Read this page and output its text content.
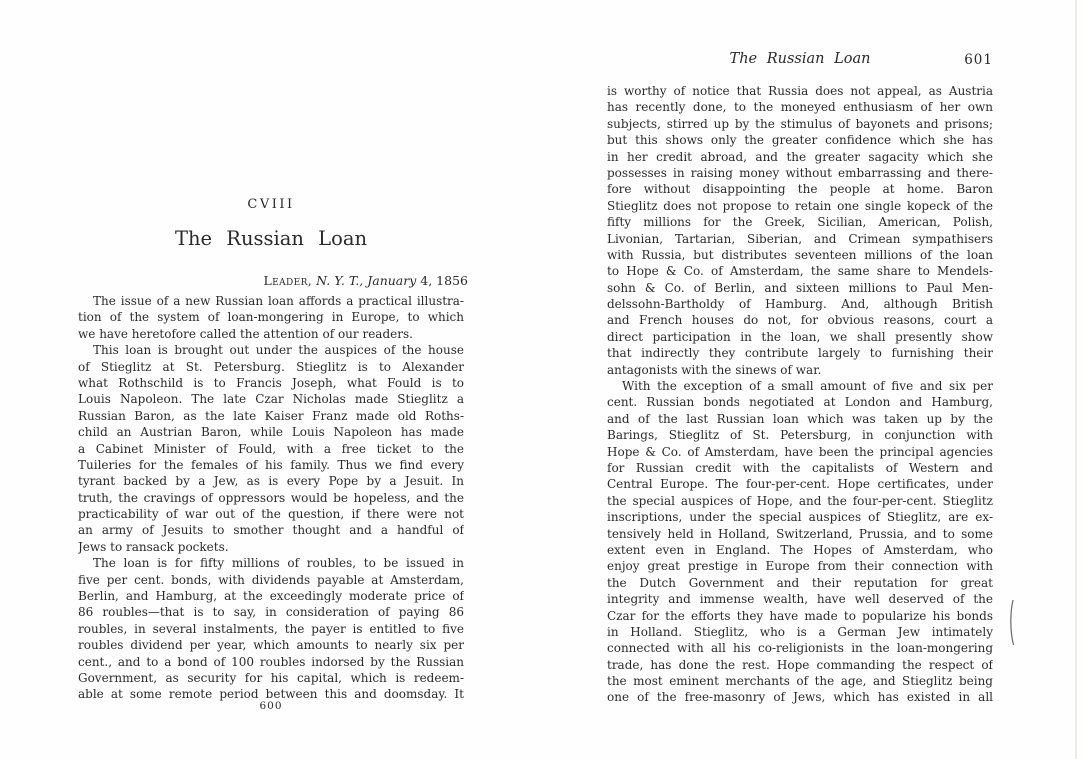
CVIII
The Russian Loan
Leader, N. Y. T., January 4, 1856
The issue of a new Russian loan affords a practical illustra-
tion of the system of loan-mongering in Europe, to which
we have heretofore called the attention of our readers.
This loan is brought out under the auspices of the house
of Stieglitz at St. Petersburg. Stieglitz is to Alexander
what Rothschild is to Francis Joseph, what Fould is to
Louis Napoleon. The late Czar Nicholas made Stieglitz a
Russian Baron, as the late Kaiser Franz made old Roths-
child an Austrian Baron, while Louis Napoleon has made
a Cabinet Minister of Fould, with a free ticket to the
Tuileries for the females of his family. Thus we find every
tyrant backed by a Jew, as is every Pope by a Jesuit. In
truth, the cravings of oppressors would be hopeless, and the
practicability of war out of the question, if there were not
an army of Jesuits to smother thought and a handful of
Jews to ransack pockets.
The loan is for fifty millions of roubles, to be issued in
five per cent. bonds, with dividends payable at Amsterdam,
Berlin, and Hamburg, at the exceedingly moderate price of
86 roubles—that is to say, in consideration of paying 86
roubles, in several instalments, the payer is entitled to five
roubles dividend per year, which amounts to nearly six per
cent., and to a bond of 100 roubles indorsed by the Russian
Government, as security for his capital, which is redeem-
able at some remote period between this and doomsday. It
600
The Russian Loan	601
is worthy of notice that Russia does not appeal, as Austria
has recently done, to the moneyed enthusiasm of her own
subjects, stirred up by the stimulus of bayonets and prisons;
but this shows only the greater confidence which she has
in her credit abroad, and the greater sagacity which she
possesses in raising money without embarrassing and there-
fore without disappointing the people at home. Baron
Stieglitz does not propose to retain one single kopeck of the
fifty millions for the Greek, Sicilian, American, Polish,
Livonian, Tartarian, Siberian, and Crimean sympathisers
with Russia, but distributes seventeen millions of the loan
to Hope & Co. of Amsterdam, the same share to Mendels-
sohn & Co. of Berlin, and sixteen millions to Paul Men-
delssohn-Bartholdy of Hamburg. And, although British
and French houses do not, for obvious reasons, court a
direct participation in the loan, we shall presently show
that indirectly they contribute largely to furnishing their
antagonists with the sinews of war.
With the exception of a small amount of five and six per
cent. Russian bonds negotiated at London and Hamburg,
and of the last Russian loan which was taken up by the
Barings, Stieglitz of St. Petersburg, in conjunction with
Hope & Co. of Amsterdam, have been the principal agencies
for Russian credit with the capitalists of Western and
Central Europe. The four-per-cent. Hope certificates, under
the special auspices of Hope, and the four-per-cent. Stieglitz
inscriptions, under the special auspices of Stieglitz, are ex-
tensively held in Holland, Switzerland, Prussia, and to some
extent even in England. The Hopes of Amsterdam, who
enjoy great prestige in Europe from their connection with
the Dutch Government and their reputation for great
integrity and immense wealth, have well deserved of the
Czar for the efforts they have made to popularize his bonds
in Holland. Stieglitz, who is a German Jew intimately
connected with all his co-religionists in the loan-mongering
trade, has done the rest. Hope commanding the respect of
the most eminent merchants of the age, and Stieglitz being
one of the free-masonry of Jews, which has existed in all
